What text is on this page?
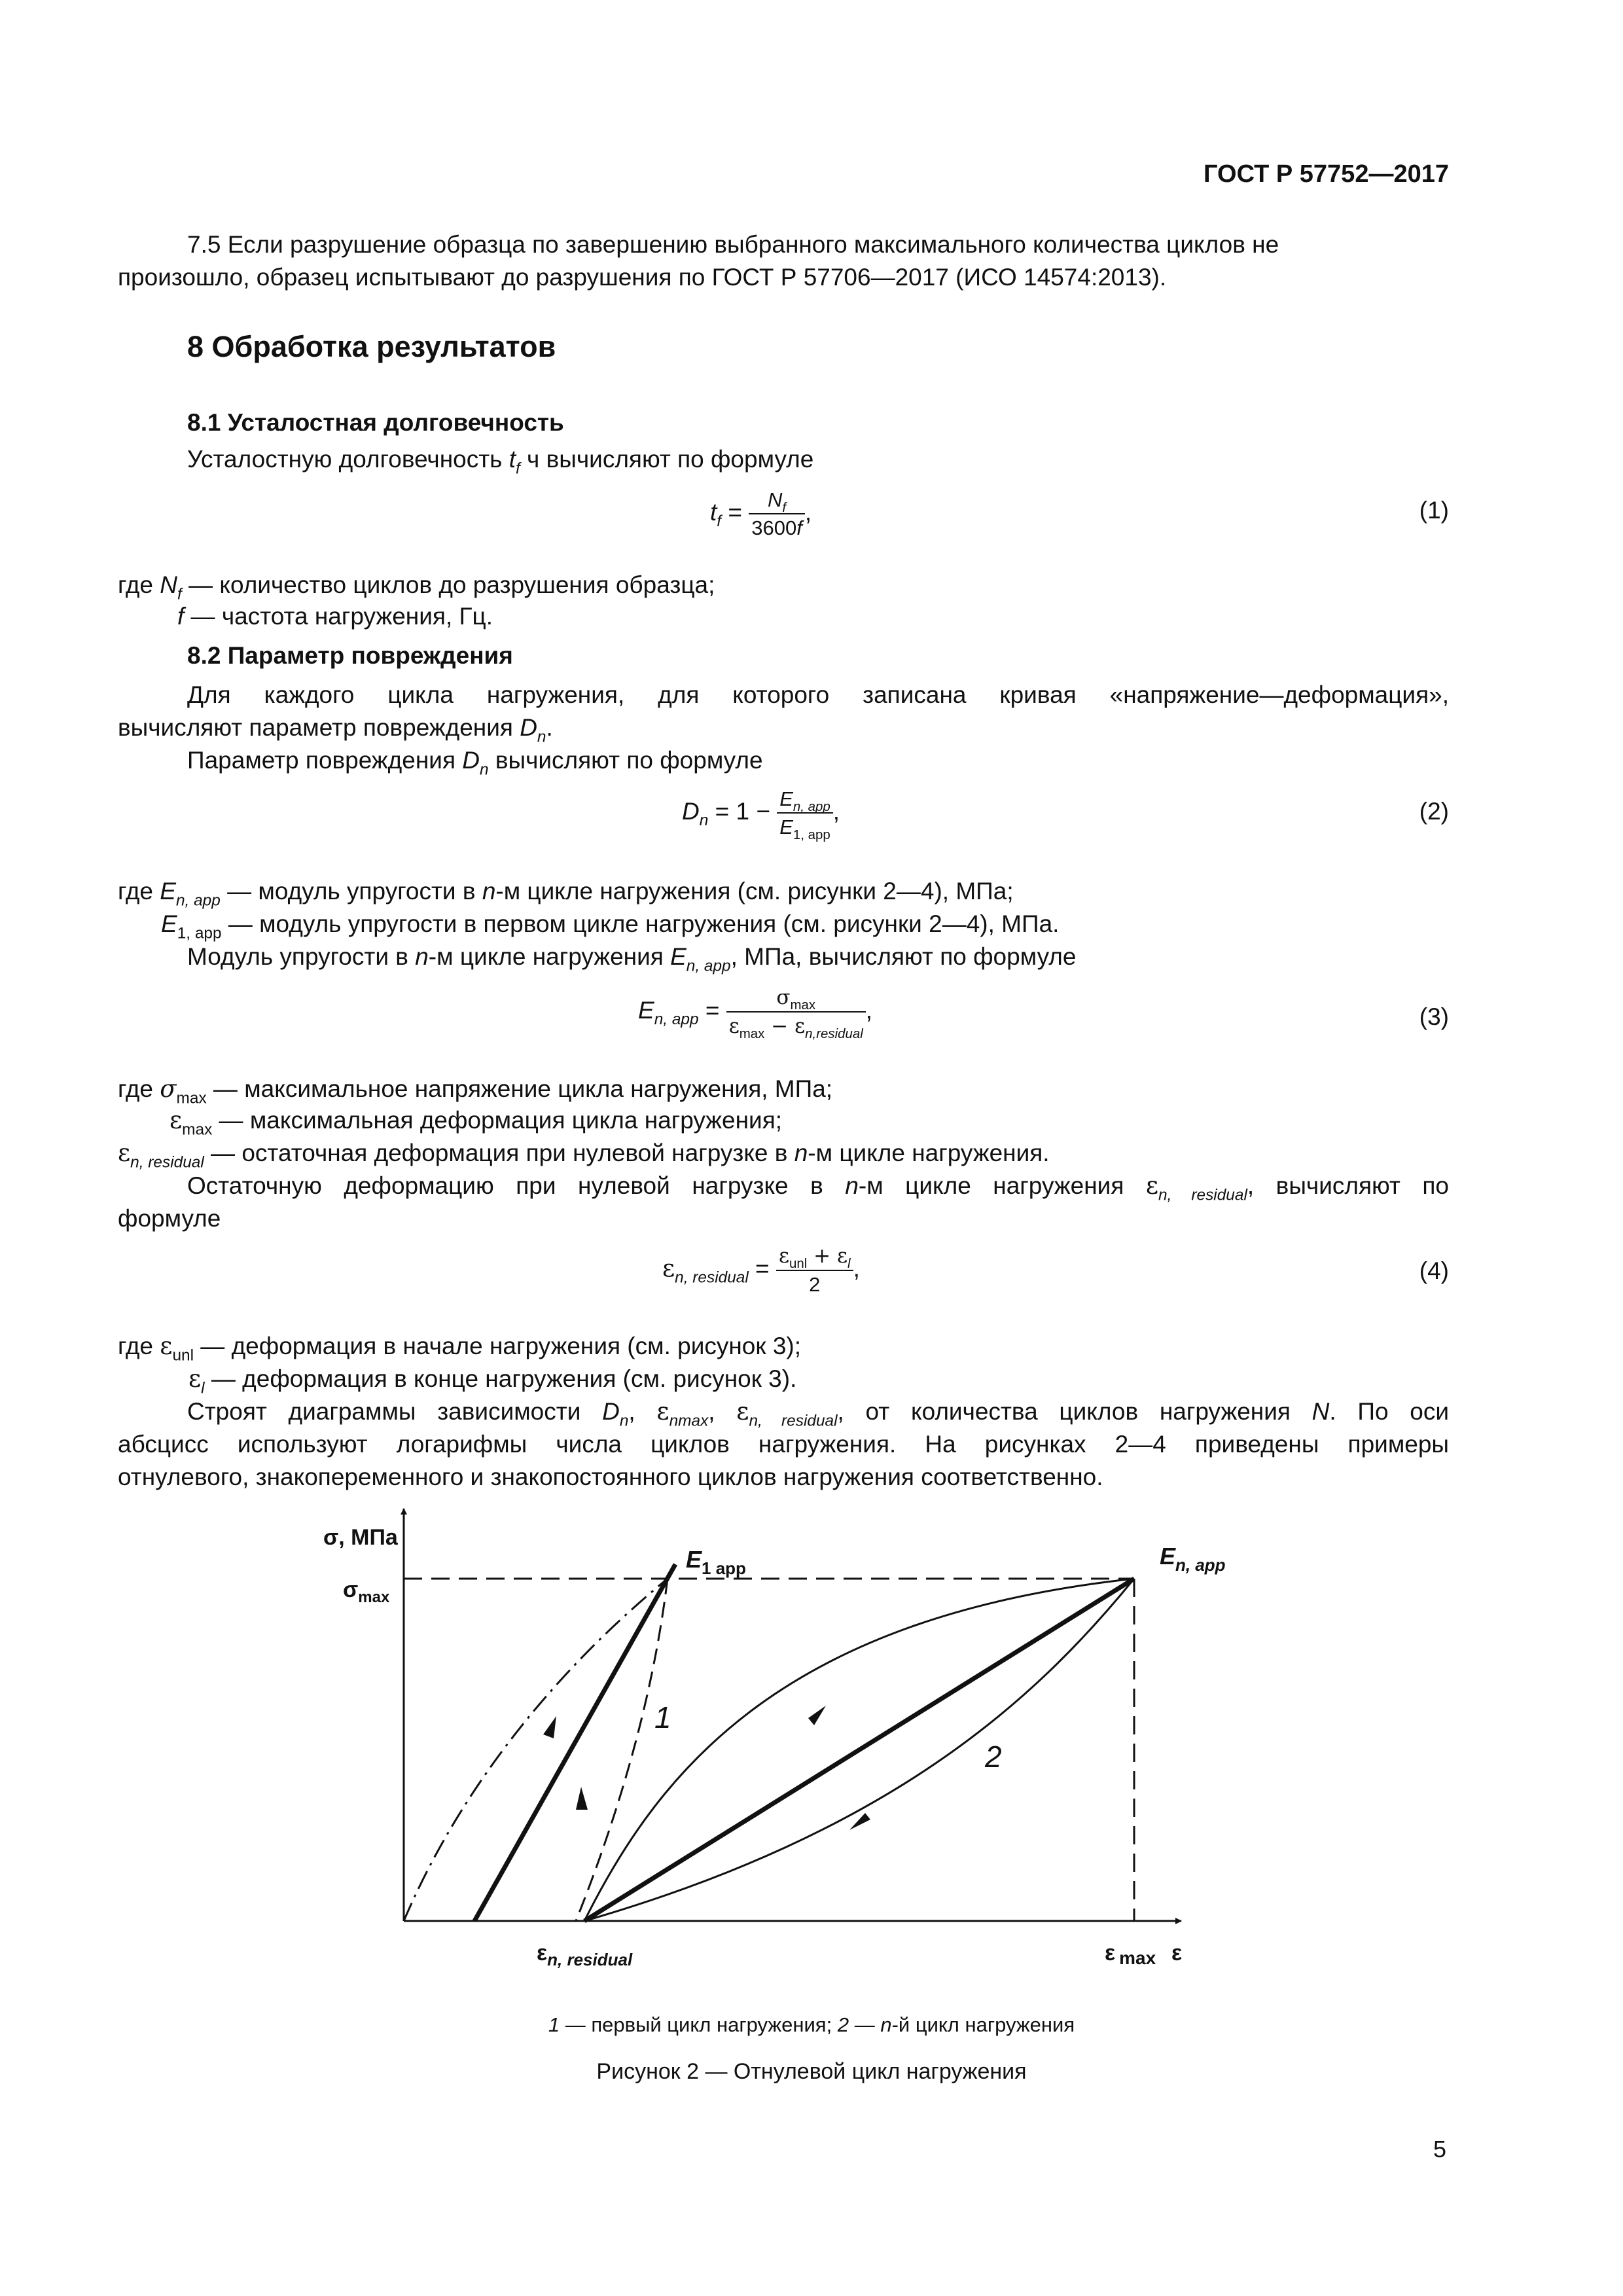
ГОСТ Р 57752—2017
7.5 Если разрушение образца по завершению выбранного максимального количества циклов не
произошло, образец испытывают до разрушения по ГОСТ Р 57706—2017 (ИСО 14574:2013).
8 Обработка результатов
8.1 Усталостная долговечность
Усталостную долговечность $t_f$ ч вычисляют по формуле
$t_f = \frac{N_f}{3600f}$ ,	(1)
где $N_f$ — количество циклов до разрушения образца;
f — частота нагружения, Гц.
8.2 Параметр повреждения
Для каждого цикла нагружения, для которого записана кривая «напряжение—деформация»,
вычисляют параметр повреждения $D_n$.
Параметр повреждения $D_n$ вычисляют по формуле
$D_n = 1 - \frac{E_{n, app}}{E_{1, app}}$ ,	(2)
где $E_{n, app}$ — модуль упругости в n-м цикле нагружения (см. рисунки 2—4), МПа;
$E_{1, app}$ — модуль упругости в первом цикле нагружения (см. рисунки 2—4), МПа.
Модуль упругости в n-м цикле нагружения $E_{n, app}$, МПа, вычисляют по формуле
$E_{n, app} = \frac{\sigma_{max}}{\varepsilon_{max} - \varepsilon_{n,residual}}$ ,	(3)
где $\sigma_{max}$ — максимальное напряжение цикла нагружения, МПа;
$\varepsilon_{max}$ — максимальная деформация цикла нагружения;
$\varepsilon_{n, residual}$ — остаточная деформация при нулевой нагрузке в n-м цикле нагружения.
Остаточную деформацию при нулевой нагрузке в n-м цикле нагружения $\varepsilon_{n, residual}$, вычисляют по
формуле
$\varepsilon_{n, residual} = \frac{\varepsilon_{unl} + \varepsilon_l}{2}$ ,	(4)
где $\varepsilon_{unl}$ — деформация в начале нагружения (см. рисунок 3);
$\varepsilon_l$ — деформация в конце нагружения (см. рисунок 3).
Строят диаграммы зависимости $D_n$, $\varepsilon_{nmax}$, $\varepsilon_{n, residual}$, от количества циклов нагружения N. По оси
абсцисс используют логарифмы числа циклов нагружения. На рисунках 2—4 приведены примеры
отнулевого, знакопеременного и знакопостоянного циклов нагружения соответственно.
σ, МПа
$\sigma_{max}$
$E_{1 app}$	$E_{n, app}$
1
2
$\varepsilon_{n, residual}$	ε max ε
1 — первый цикл нагружения; 2 — n-й цикл нагружения
Рисунок 2 — Отнулевой цикл нагружения
5
